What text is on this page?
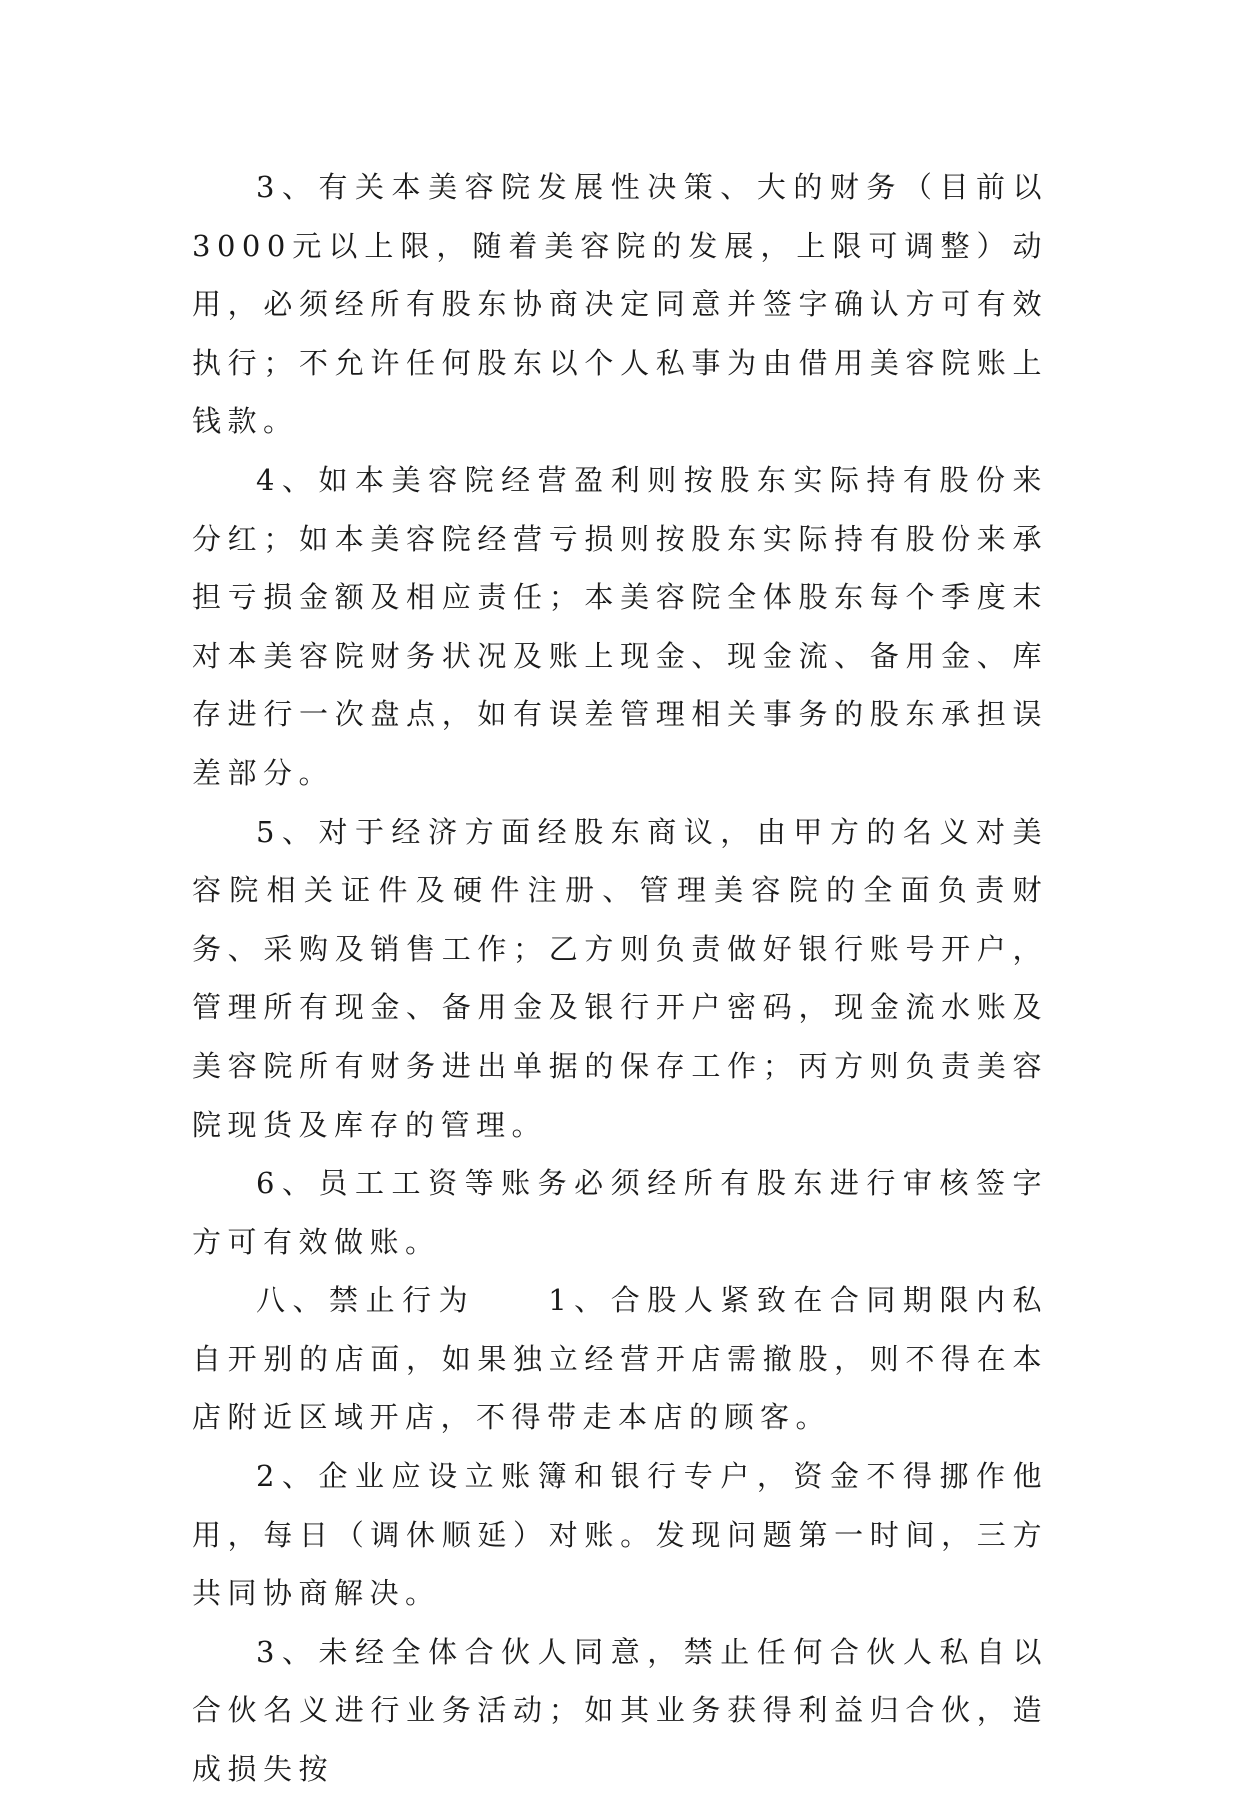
3、有关本美容院发展性决策、大的财务（目前以3000元以上限，随着美容院的发展，上限可调整）动用，必须经所有股东协商决定同意并签字确认方可有效执行；不允许任何股东以个人私事为由借用美容院账上钱款。

4、如本美容院经营盈利则按股东实际持有股份来分红；如本美容院经营亏损则按股东实际持有股份来承担亏损金额及相应责任；本美容院全体股东每个季度末对本美容院财务状况及账上现金、现金流、备用金、库存进行一次盘点，如有误差管理相关事务的股东承担误差部分。

5、对于经济方面经股东商议，由甲方的名义对美容院相关证件及硬件注册、管理美容院的全面负责财务、采购及销售工作；乙方则负责做好银行账号开户，管理所有现金、备用金及银行开户密码，现金流水账及美容院所有财务进出单据的保存工作；丙方则负责美容院现货及库存的管理。

6、员工工资等账务必须经所有股东进行审核签字方可有效做账。

八、禁止行为　　1、合股人紧致在合同期限内私自开别的店面，如果独立经营开店需撤股，则不得在本店附近区域开店，不得带走本店的顾客。

2、企业应设立账簿和银行专户，资金不得挪作他用，每日（调休顺延）对账。发现问题第一时间，三方共同协商解决。

3、未经全体合伙人同意，禁止任何合伙人私自以合伙名义进行业务活动；如其业务获得利益归合伙，造成损失按
